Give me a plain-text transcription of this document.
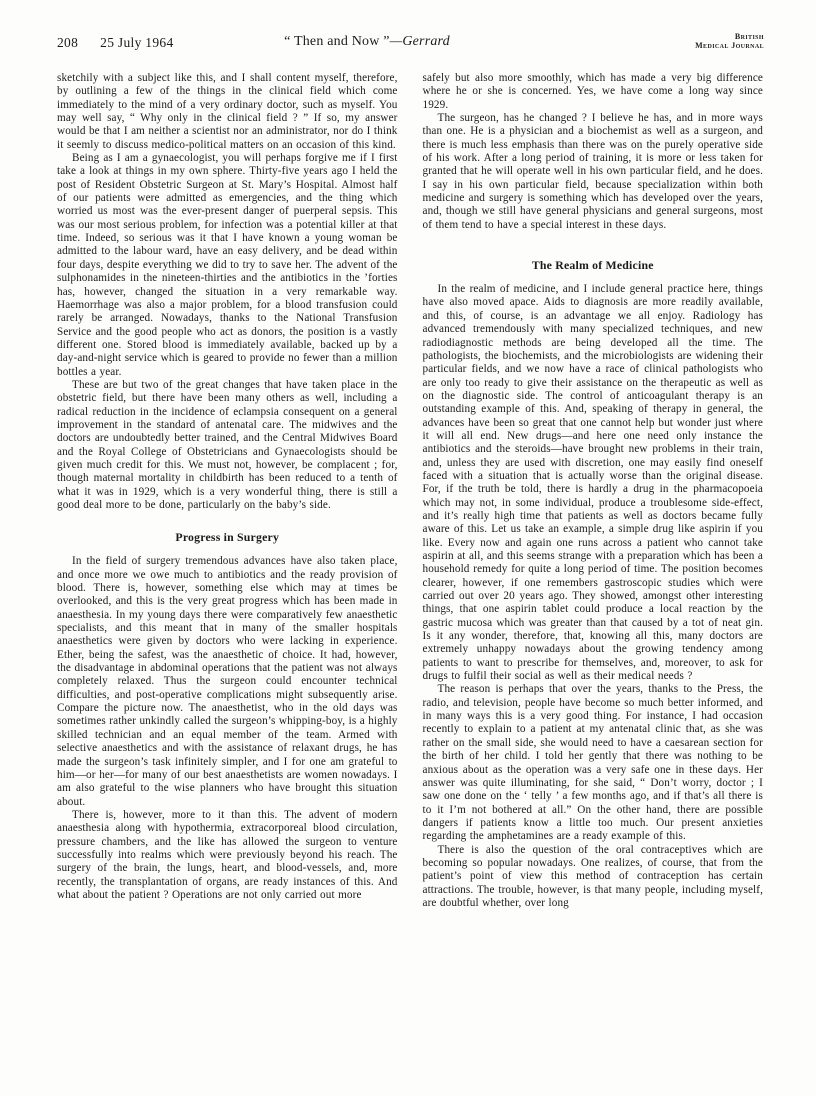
208 25 July 1964	“ Then and Now ”—Gerrard	British
Medical Journal

sketchily with a subject like this, and I shall content myself, therefore, by outlining a few of the things in the clinical field which come immediately to the mind of a very ordinary doctor, such as myself. You may well say, “ Why only in the clinical field ? ” If so, my answer would be that I am neither a scientist nor an administrator, nor do I think it seemly to discuss medico-political matters on an occasion of this kind.

Being as I am a gynaecologist, you will perhaps forgive me if I first take a look at things in my own sphere. Thirty-five years ago I held the post of Resident Obstetric Surgeon at St. Mary’s Hospital. Almost half of our patients were admitted as emergencies, and the thing which worried us most was the ever-present danger of puerperal sepsis. This was our most serious problem, for infection was a potential killer at that time. Indeed, so serious was it that I have known a young woman be admitted to the labour ward, have an easy delivery, and be dead within four days, despite everything we did to try to save her. The advent of the sulphonamides in the nineteen-thirties and the antibiotics in the ’forties has, however, changed the situation in a very remarkable way. Haemorrhage was also a major problem, for a blood transfusion could rarely be arranged. Nowadays, thanks to the National Transfusion Service and the good people who act as donors, the position is a vastly different one. Stored blood is immediately available, backed up by a day-and-night service which is geared to provide no fewer than a million bottles a year.

These are but two of the great changes that have taken place in the obstetric field, but there have been many others as well, including a radical reduction in the incidence of eclampsia consequent on a general improvement in the standard of antenatal care. The midwives and the doctors are undoubtedly better trained, and the Central Midwives Board and the Royal College of Obstetricians and Gynaecologists should be given much credit for this. We must not, however, be complacent ; for, though maternal mortality in childbirth has been reduced to a tenth of what it was in 1929, which is a very wonderful thing, there is still a good deal more to be done, particularly on the baby’s side.

Progress in Surgery

In the field of surgery tremendous advances have also taken place, and once more we owe much to antibiotics and the ready provision of blood. There is, however, something else which may at times be overlooked, and this is the very great progress which has been made in anaesthesia. In my young days there were comparatively few anaesthetic specialists, and this meant that in many of the smaller hospitals anaesthetics were given by doctors who were lacking in experience. Ether, being the safest, was the anaesthetic of choice. It had, however, the disadvantage in abdominal operations that the patient was not always completely relaxed. Thus the surgeon could encounter technical difficulties, and post-operative complications might subsequently arise. Compare the picture now. The anaesthetist, who in the old days was sometimes rather unkindly called the surgeon’s whipping-boy, is a highly skilled technician and an equal member of the team. Armed with selective anaesthetics and with the assistance of relaxant drugs, he has made the surgeon’s task infinitely simpler, and I for one am grateful to him—or her—for many of our best anaesthetists are women nowadays. I am also grateful to the wise planners who have brought this situation about.

There is, however, more to it than this. The advent of modern anaesthesia along with hypothermia, extracorporeal blood circulation, pressure chambers, and the like has allowed the surgeon to venture successfully into realms which were previously beyond his reach. The surgery of the brain, the lungs, heart, and blood-vessels, and, more recently, the transplantation of organs, are ready instances of this. And what about the patient ? Operations are not only carried out more

safely but also more smoothly, which has made a very big difference where he or she is concerned. Yes, we have come a long way since 1929.

The surgeon, has he changed ? I believe he has, and in more ways than one. He is a physician and a biochemist as well as a surgeon, and there is much less emphasis than there was on the purely operative side of his work. After a long period of training, it is more or less taken for granted that he will operate well in his own particular field, and he does. I say in his own particular field, because specialization within both medicine and surgery is something which has developed over the years, and, though we still have general physicians and general surgeons, most of them tend to have a special interest in these days.

The Realm of Medicine

In the realm of medicine, and I include general practice here, things have also moved apace. Aids to diagnosis are more readily available, and this, of course, is an advantage we all enjoy. Radiology has advanced tremendously with many specialized techniques, and new radiodiagnostic methods are being developed all the time. The pathologists, the biochemists, and the microbiologists are widening their particular fields, and we now have a race of clinical pathologists who are only too ready to give their assistance on the therapeutic as well as on the diagnostic side. The control of anticoagulant therapy is an outstanding example of this. And, speaking of therapy in general, the advances have been so great that one cannot help but wonder just where it will all end. New drugs—and here one need only instance the antibiotics and the steroids—have brought new problems in their train, and, unless they are used with discretion, one may easily find oneself faced with a situation that is actually worse than the original disease. For, if the truth be told, there is hardly a drug in the pharmacopoeia which may not, in some individual, produce a troublesome side-effect, and it’s really high time that patients as well as doctors became fully aware of this. Let us take an example, a simple drug like aspirin if you like. Every now and again one runs across a patient who cannot take aspirin at all, and this seems strange with a preparation which has been a household remedy for quite a long period of time. The position becomes clearer, however, if one remembers gastroscopic studies which were carried out over 20 years ago. They showed, amongst other interesting things, that one aspirin tablet could produce a local reaction by the gastric mucosa which was greater than that caused by a tot of neat gin. Is it any wonder, therefore, that, knowing all this, many doctors are extremely unhappy nowadays about the growing tendency among patients to want to prescribe for themselves, and, moreover, to ask for drugs to fulfil their social as well as their medical needs ?

The reason is perhaps that over the years, thanks to the Press, the radio, and television, people have become so much better informed, and in many ways this is a very good thing. For instance, I had occasion recently to explain to a patient at my antenatal clinic that, as she was rather on the small side, she would need to have a caesarean section for the birth of her child. I told her gently that there was nothing to be anxious about as the operation was a very safe one in these days. Her answer was quite illuminating, for she said, “ Don’t worry, doctor ; I saw one done on the ‘ telly ’ a few months ago, and if that’s all there is to it I’m not bothered at all.” On the other hand, there are possible dangers if patients know a little too much. Our present anxieties regarding the amphetamines are a ready example of this.

There is also the question of the oral contraceptives which are becoming so popular nowadays. One realizes, of course, that from the patient’s point of view this method of contraception has certain attractions. The trouble, however, is that many people, including myself, are doubtful whether, over long
